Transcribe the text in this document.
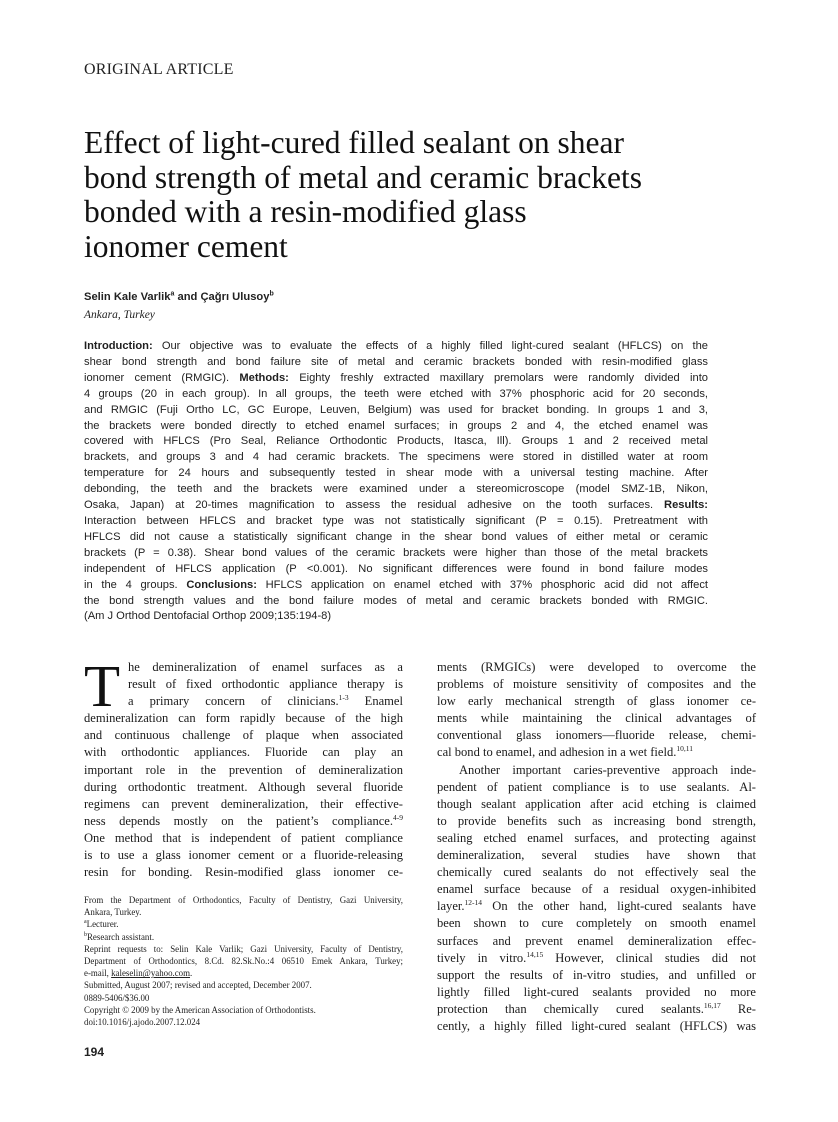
ORIGINAL ARTICLE
Effect of light-cured filled sealant on shear
bond strength of metal and ceramic brackets
bonded with a resin-modified glass
ionomer cement
Selin Kale Varlik$^a$ and Çağrı Ulusoy$^b$
Ankara, Turkey
Introduction: Our objective was to evaluate the effects of a highly filled light-cured sealant (HFLCS) on the
shear bond strength and bond failure site of metal and ceramic brackets bonded with resin-modified glass
ionomer cement (RMGIC). Methods: Eighty freshly extracted maxillary premolars were randomly divided into
4 groups (20 in each group). In all groups, the teeth were etched with 37% phosphoric acid for 20 seconds,
and RMGIC (Fuji Ortho LC, GC Europe, Leuven, Belgium) was used for bracket bonding. In groups 1 and 3,
the brackets were bonded directly to etched enamel surfaces; in groups 2 and 4, the etched enamel was
covered with HFLCS (Pro Seal, Reliance Orthodontic Products, Itasca, Ill). Groups 1 and 2 received metal
brackets, and groups 3 and 4 had ceramic brackets. The specimens were stored in distilled water at room
temperature for 24 hours and subsequently tested in shear mode with a universal testing machine. After
debonding, the teeth and the brackets were examined under a stereomicroscope (model SMZ-1B, Nikon,
Osaka, Japan) at 20-times magnification to assess the residual adhesive on the tooth surfaces. Results:
Interaction between HFLCS and bracket type was not statistically significant (P = 0.15). Pretreatment with
HFLCS did not cause a statistically significant change in the shear bond values of either metal or ceramic
brackets (P = 0.38). Shear bond values of the ceramic brackets were higher than those of the metal brackets
independent of HFLCS application (P <0.001). No significant differences were found in bond failure modes
in the 4 groups. Conclusions: HFLCS application on enamel etched with 37% phosphoric acid did not affect
the bond strength values and the bond failure modes of metal and ceramic brackets bonded with RMGIC.
(Am J Orthod Dentofacial Orthop 2009;135:194-8)
T he demineralization of enamel surfaces as a
result of fixed orthodontic appliance therapy is
a primary concern of clinicians.$^{1-3}$ Enamel
demineralization can form rapidly because of the high
and continuous challenge of plaque when associated
with orthodontic appliances. Fluoride can play an
important role in the prevention of demineralization
during orthodontic treatment. Although several fluoride
regimens can prevent demineralization, their effective-
ness depends mostly on the patient’s compliance.$^{4-9}$
One method that is independent of patient compliance
is to use a glass ionomer cement or a fluoride-releasing
resin for bonding. Resin-modified glass ionomer ce-
From the Department of Orthodontics, Faculty of Dentistry, Gazi University,
Ankara, Turkey.
$^a$Lecturer.
$^b$Research assistant.
Reprint requests to: Selin Kale Varlik; Gazi University, Faculty of Dentistry,
Department of Orthodontics, 8.Cd. 82.Sk.No.:4 06510 Emek Ankara, Turkey;
e-mail, kaleselin@yahoo.com.
Submitted, August 2007; revised and accepted, December 2007.
0889-5406/$36.00
Copyright © 2009 by the American Association of Orthodontists.
doi:10.1016/j.ajodo.2007.12.024
194
ments (RMGICs) were developed to overcome the
problems of moisture sensitivity of composites and the
low early mechanical strength of glass ionomer ce-
ments while maintaining the clinical advantages of
conventional glass ionomers—fluoride release, chemi-
cal bond to enamel, and adhesion in a wet field.$^{10,11}$
Another important caries-preventive approach inde-
pendent of patient compliance is to use sealants. Al-
though sealant application after acid etching is claimed
to provide benefits such as increasing bond strength,
sealing etched enamel surfaces, and protecting against
demineralization, several studies have shown that
chemically cured sealants do not effectively seal the
enamel surface because of a residual oxygen-inhibited
layer.$^{12-14}$ On the other hand, light-cured sealants have
been shown to cure completely on smooth enamel
surfaces and prevent enamel demineralization effec-
tively in vitro.$^{14,15}$ However, clinical studies did not
support the results of in-vitro studies, and unfilled or
lightly filled light-cured sealants provided no more
protection than chemically cured sealants.$^{16,17}$ Re-
cently, a highly filled light-cured sealant (HFLCS) was
